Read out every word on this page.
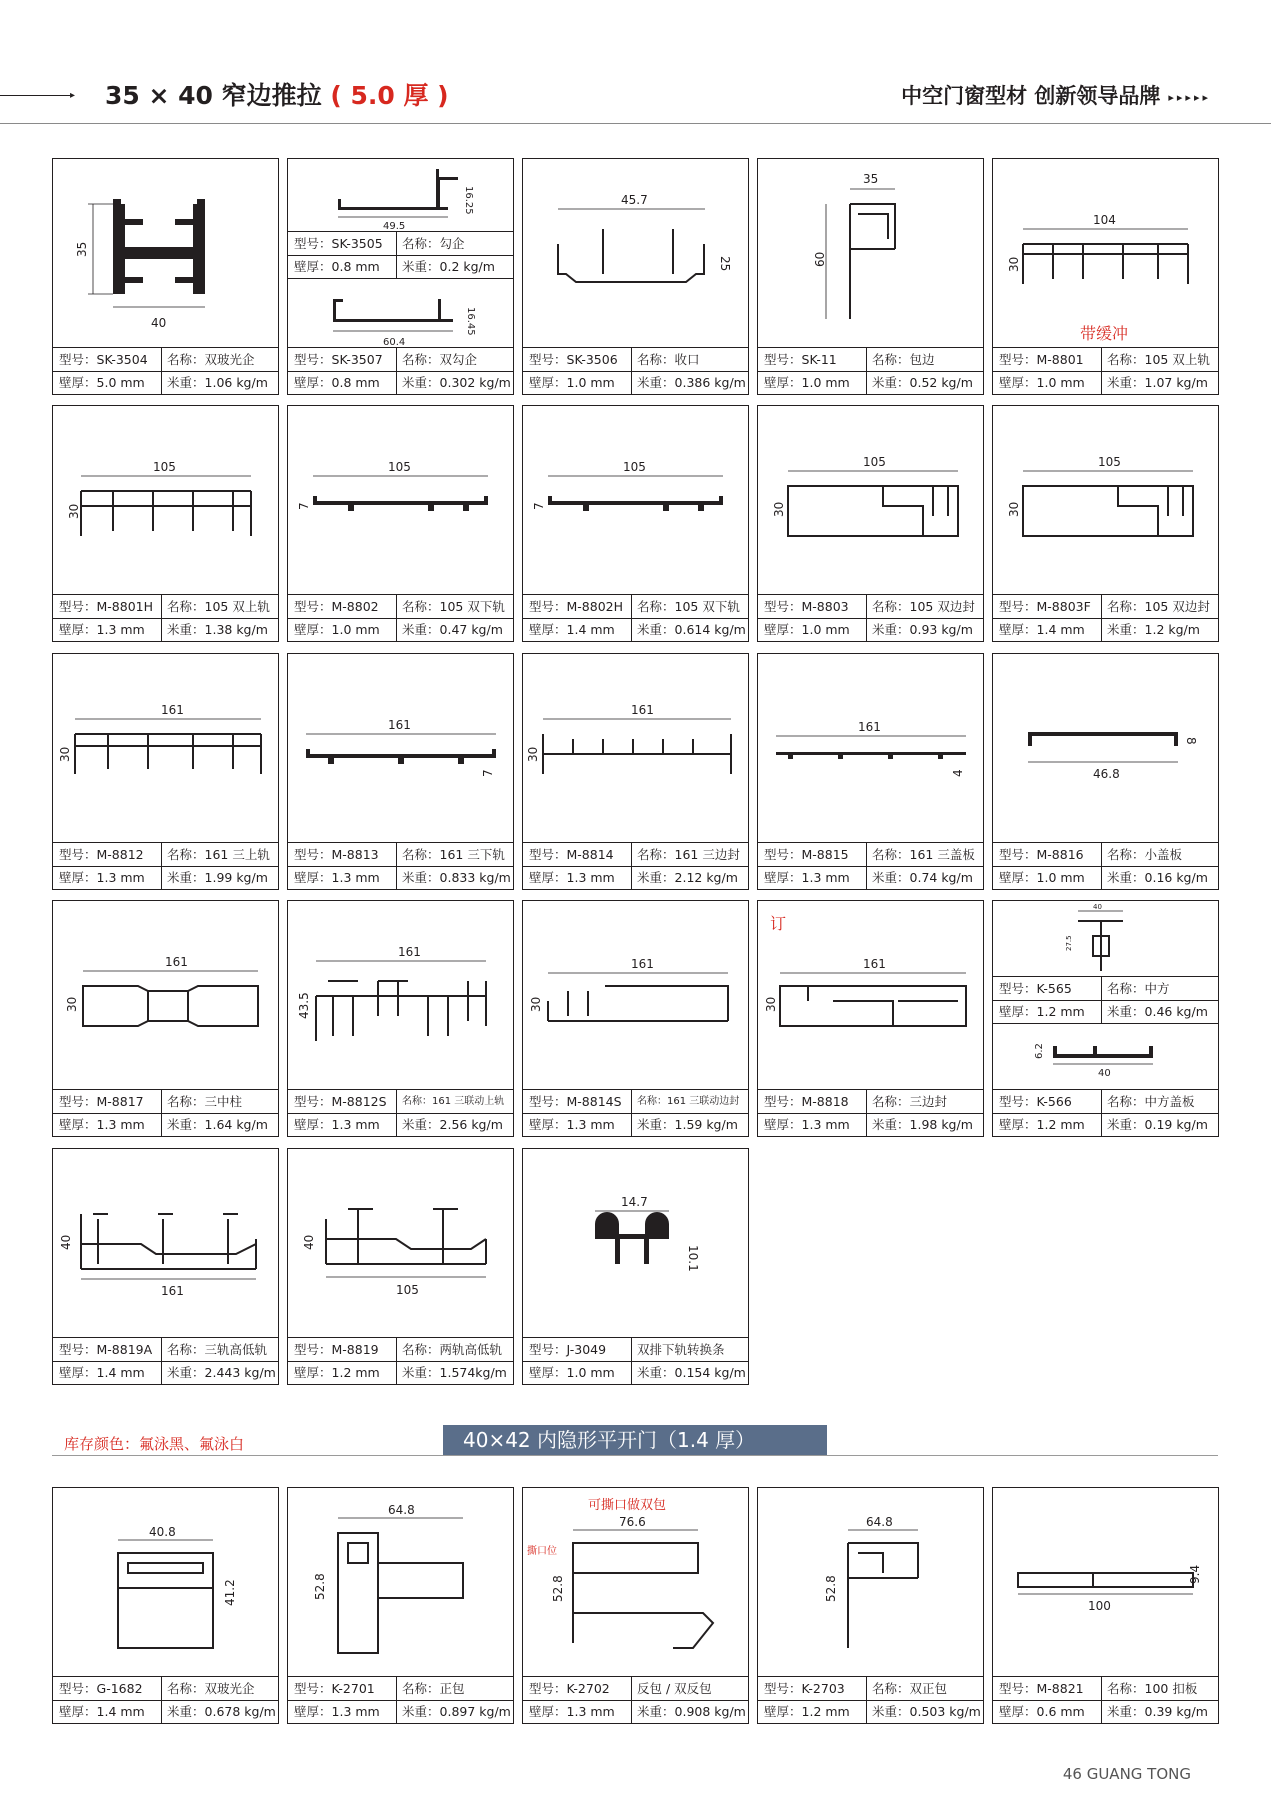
▸ 35 × 40 窄边推拉 ( 5.0 厚 )	中空门窗型材 创新领导品牌 ▸▸▸▸▸
35
40
型号：SK-3504	名称：双玻光企
壁厚：5.0 mm	米重：1.06 kg/m
49.5
16.25
型号：SK-3505	名称：勾企
壁厚：0.8 mm	米重：0.2 kg/m
60.4
16.45
型号：SK-3507	名称：双勾企
壁厚：0.8 mm	米重：0.302 kg/m
45.7
25
型号：SK-3506	名称：收口
壁厚：1.0 mm	米重：0.386 kg/m
35
60
型号：SK-11	名称：包边
壁厚：1.0 mm	米重：0.52 kg/m
104
30
带缓冲
型号：M-8801	名称：105 双上轨
壁厚：1.0 mm	米重：1.07 kg/m
105
30
型号：M-8801H	名称：105 双上轨
壁厚：1.3 mm	米重：1.38 kg/m
105
7
型号：M-8802	名称：105 双下轨
壁厚：1.0 mm	米重：0.47 kg/m
105
7
型号：M-8802H	名称：105 双下轨
壁厚：1.4 mm	米重：0.614 kg/m
105
30
型号：M-8803	名称：105 双边封
壁厚：1.0 mm	米重：0.93 kg/m
105
30
型号：M-8803F	名称：105 双边封
壁厚：1.4 mm	米重：1.2 kg/m
161
30
型号：M-8812	名称：161 三上轨
壁厚：1.3 mm	米重：1.99 kg/m
161
7
型号：M-8813	名称：161 三下轨
壁厚：1.3 mm	米重：0.833 kg/m
161
30
型号：M-8814	名称：161 三边封
壁厚：1.3 mm	米重：2.12 kg/m
161
4
型号：M-8815	名称：161 三盖板
壁厚：1.3 mm	米重：0.74 kg/m
46.8
8
型号：M-8816	名称：小盖板
壁厚：1.0 mm	米重：0.16 kg/m
161
30
型号：M-8817	名称：三中柱
壁厚：1.3 mm	米重：1.64 kg/m
161
43.5
型号：M-8812S	名称：161 三联动上轨
壁厚：1.3 mm	米重：2.56 kg/m
161
30
型号：M-8814S	名称：161 三联动边封
壁厚：1.3 mm	米重：1.59 kg/m
161
30
订
型号：M-8818	名称：三边封
壁厚：1.3 mm	米重：1.98 kg/m
40
27.5
型号：K-565	名称：中方
壁厚：1.2 mm	米重：0.46 kg/m
40
6.2
型号：K-566	名称：中方盖板
壁厚：1.2 mm	米重：0.19 kg/m
161
40
型号：M-8819A	名称：三轨高低轨
壁厚：1.4 mm	米重：2.443 kg/m
105
40
型号：M-8819	名称：两轨高低轨
壁厚：1.2 mm	米重：1.574kg/m
14.7
10.1
型号：J-3049	双排下轨转换条
壁厚：1.0 mm	米重：0.154 kg/m
库存颜色：氟泳黑、氟泳白	40×42 内隐形平开门（1.4 厚）
40.8
41.2
型号：G-1682	名称：双玻光企
壁厚：1.4 mm	米重：0.678 kg/m
64.8
52.8
型号：K-2701	名称：正包
壁厚：1.3 mm	米重：0.897 kg/m
76.6
52.8
可撕口做双包
撕口位
型号：K-2702	反包 / 双反包
壁厚：1.3 mm	米重：0.908 kg/m
64.8
52.8
型号：K-2703	名称：双正包
壁厚：1.2 mm	米重：0.503 kg/m
100
9.4
型号：M-8821	名称：100 扣板
壁厚：0.6 mm	米重：0.39 kg/m
46 GUANG TONG
